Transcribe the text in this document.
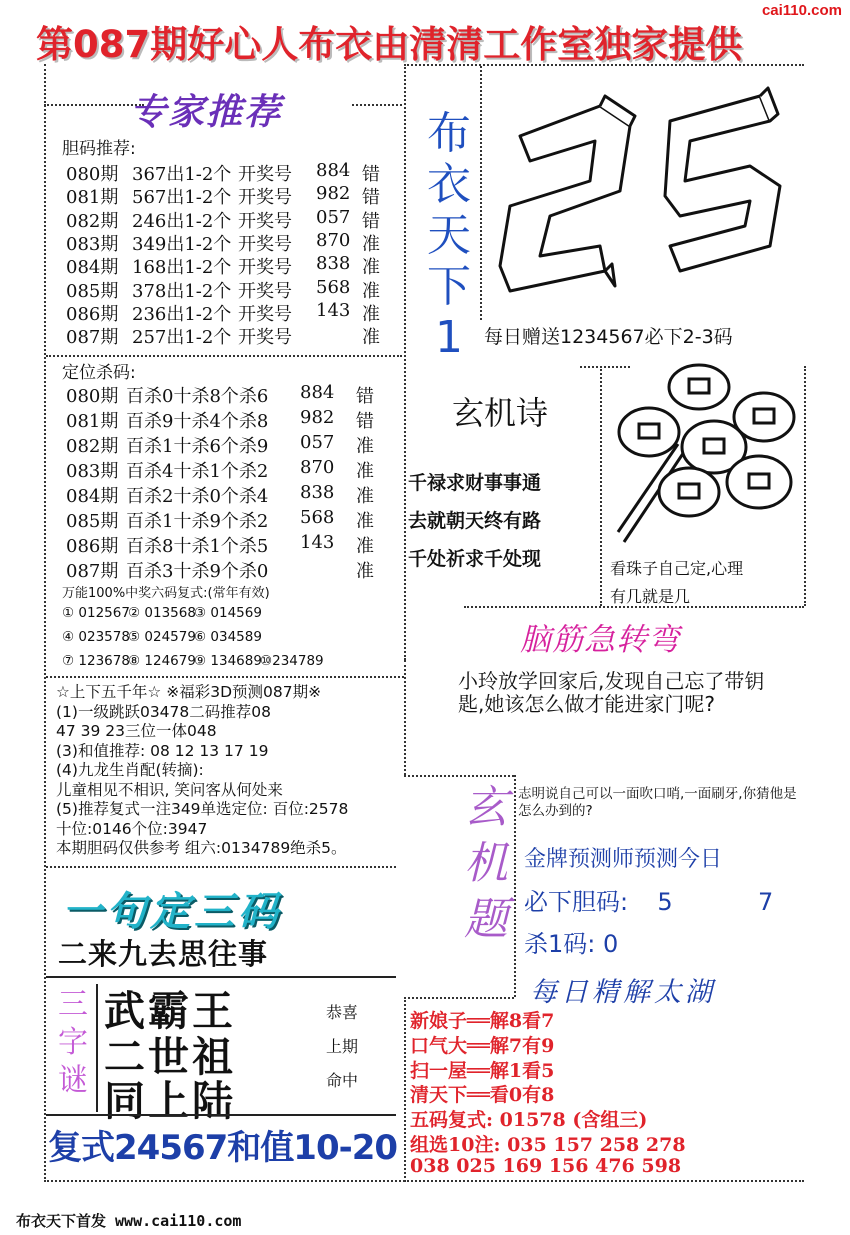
cai110.com
第087期好心人布衣由清清工作室独家提供
专家推荐
胆码推荐:
080期 367出1-2个 开奖号 884 错
081期 567出1-2个 开奖号 982 错
082期 246出1-2个 开奖号 057 错
083期 349出1-2个 开奖号 870 准
084期 168出1-2个 开奖号 838 准
085期 378出1-2个 开奖号 568 准
086期 236出1-2个 开奖号 143 准
087期 257出1-2个 开奖号	准
定位杀码:
080期 百杀0十杀8个杀6 884 错
081期 百杀9十杀4个杀8 982 错
082期 百杀1十杀6个杀9 057 准
083期 百杀4十杀1个杀2 870 准
084期 百杀2十杀0个杀4 838 准
085期 百杀1十杀9个杀2 568 准
086期 百杀8十杀1个杀5 143 准
087期 百杀3十杀9个杀0	准
万能100%中奖六码复式:(常年有效)
① 012567
② 013568
③ 014569
④ 023578
⑤ 024579
⑥ 034589
⑦ 123678
⑧ 124679
⑨ 134689
⑩234789
☆上下五千年☆ ※福彩3D预测087期※
(1)一级跳跃03478二码推荐08
47 39 23三位一体048
(3)和值推荐: 08 12 13 17 19
(4)九龙生肖配(转摘):
儿童相见不相识, 笑问客从何处来
(5)推荐复式一注349单选定位: 百位:2578
十位:0146个位:3947
本期胆码仅供参考 组六:0134789绝杀5。
布
衣
天
下
1	每日赠送1234567必下2-3码
玄机诗
千禄求财事事通
去就朝天终有路
千处祈求千处现	看珠子自己定,心理
有几就是几
脑筋急转弯
小玲放学回家后,发现自己忘了带钥匙,她该怎么做才能进家门呢?
玄
机
题
志明说自己可以一面吹口哨,一面刷牙,你猜他是怎么办到的?
金牌预测师预测今日
必下胆码: 5	7
杀1码: 0
每日精解太湖
新娘子══解8看7
口气大══解7有9
扫一屋══解1看5
清天下══看0有8
五码复式: 01578 (含组三)
组选10注: 035 157 258 278
038 025 169 156 476 598
一句定三码
二来九去思往事
三
字
谜
武霸王
二世祖
同上陆
恭喜
上期
命中
复式24567和值10-20
布衣天下首发 www.cai110.com
